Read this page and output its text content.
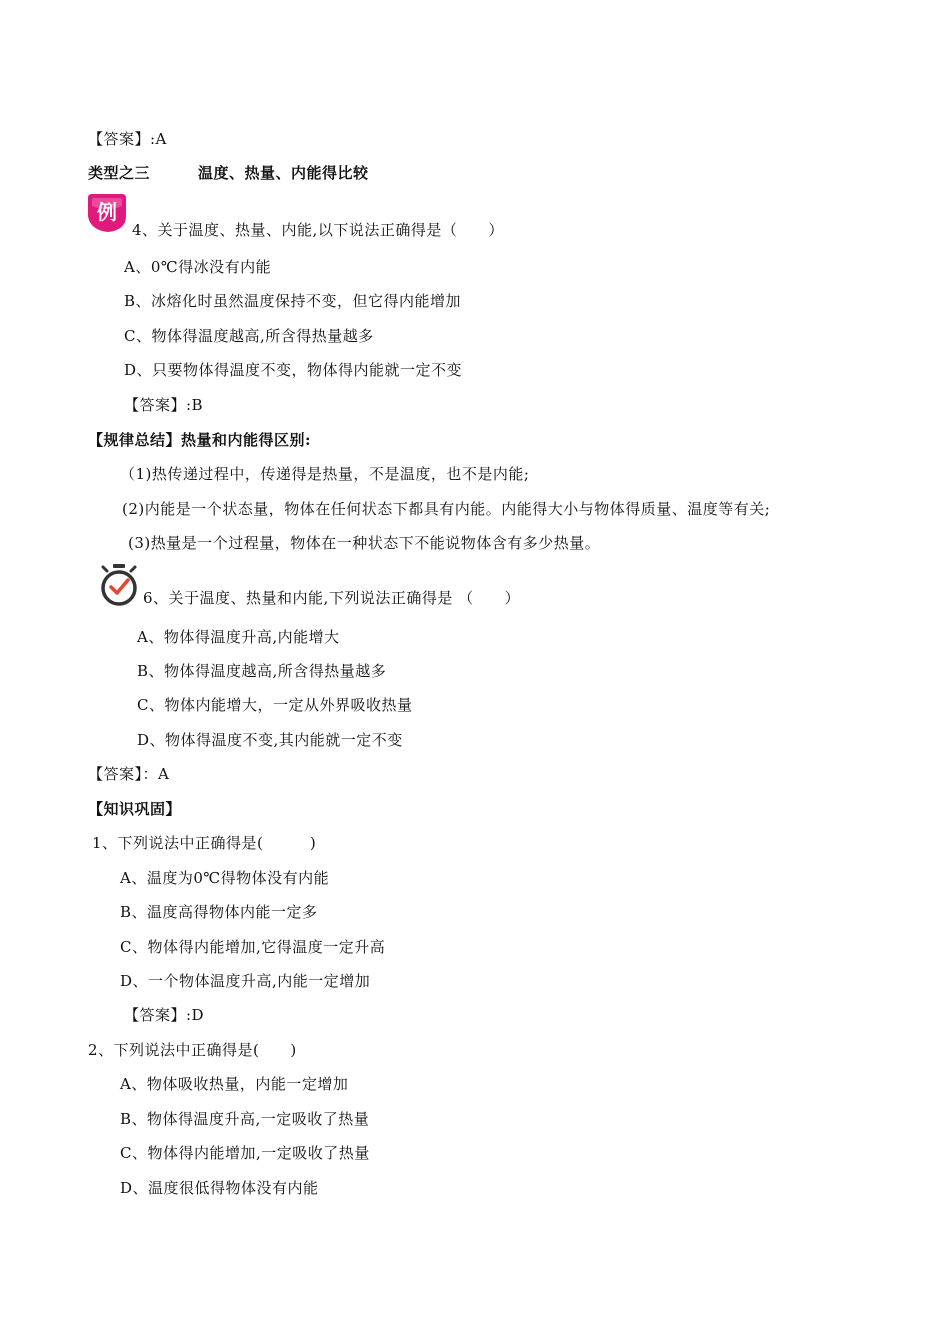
【答案】:A
类型之三	温度、热量、内能得比较
例
4、关于温度、热量、内能,以下说法正确得是（　　）
A、0℃得冰没有内能
B、冰熔化时虽然温度保持不变，但它得内能增加
C、物体得温度越高,所含得热量越多
D、只要物体得温度不变，物体得内能就一定不变
【答案】:B
【规律总结】热量和内能得区别:
（1)热传递过程中，传递得是热量，不是温度，也不是内能;
(2)内能是一个状态量，物体在任何状态下都具有内能。内能得大小与物体得质量、温度等有关;
(3)热量是一个过程量，物体在一种状态下不能说物体含有多少热量。
6、关于温度、热量和内能,下列说法正确得是 （　　）
A、物体得温度升高,内能增大
B、物体得温度越高,所含得热量越多
C、物体内能增大，一定从外界吸收热量
D、物体得温度不变,其内能就一定不变
【答案】：A
【知识巩固】
1、下列说法中正确得是(　　　)
A、温度为0℃得物体没有内能
B、温度高得物体内能一定多
C、物体得内能增加,它得温度一定升高
D、一个物体温度升高,内能一定增加
【答案】:D
2、下列说法中正确得是(　　)
A、物体吸收热量，内能一定增加
B、物体得温度升高,一定吸收了热量
C、物体得内能增加,一定吸收了热量
D、温度很低得物体没有内能
